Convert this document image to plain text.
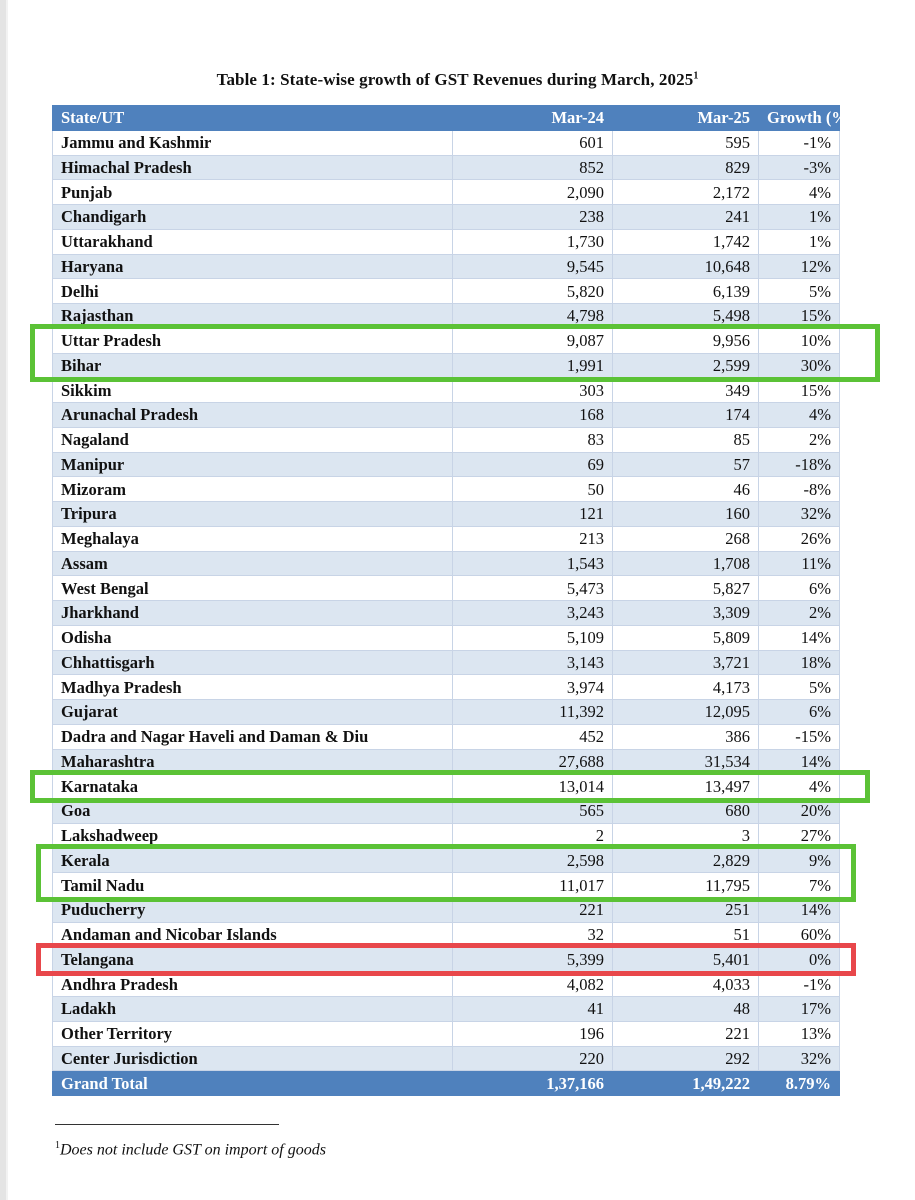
Table 1: State-wise growth of GST Revenues during March, 2025$^1$
State/UT	Mar-24	Mar-25	Growth (%)
Jammu and Kashmir	601	595	-1%
Himachal Pradesh	852	829	-3%
Punjab	2,090	2,172	4%
Chandigarh	238	241	1%
Uttarakhand	1,730	1,742	1%
Haryana	9,545	10,648	12%
Delhi	5,820	6,139	5%
Rajasthan	4,798	5,498	15%
Uttar Pradesh	9,087	9,956	10%
Bihar	1,991	2,599	30%
Sikkim	303	349	15%
Arunachal Pradesh	168	174	4%
Nagaland	83	85	2%
Manipur	69	57	-18%
Mizoram	50	46	-8%
Tripura	121	160	32%
Meghalaya	213	268	26%
Assam	1,543	1,708	11%
West Bengal	5,473	5,827	6%
Jharkhand	3,243	3,309	2%
Odisha	5,109	5,809	14%
Chhattisgarh	3,143	3,721	18%
Madhya Pradesh	3,974	4,173	5%
Gujarat	11,392	12,095	6%
Dadra and Nagar Haveli and Daman & Diu	452	386	-15%
Maharashtra	27,688	31,534	14%
Karnataka	13,014	13,497	4%
Goa	565	680	20%
Lakshadweep	2	3	27%
Kerala	2,598	2,829	9%
Tamil Nadu	11,017	11,795	7%
Puducherry	221	251	14%
Andaman and Nicobar Islands	32	51	60%
Telangana	5,399	5,401	0%
Andhra Pradesh	4,082	4,033	-1%
Ladakh	41	48	17%
Other Territory	196	221	13%
Center Jurisdiction	220	292	32%
Grand Total	1,37,166	1,49,222	8.79%
$^1$Does not include GST on import of goods
